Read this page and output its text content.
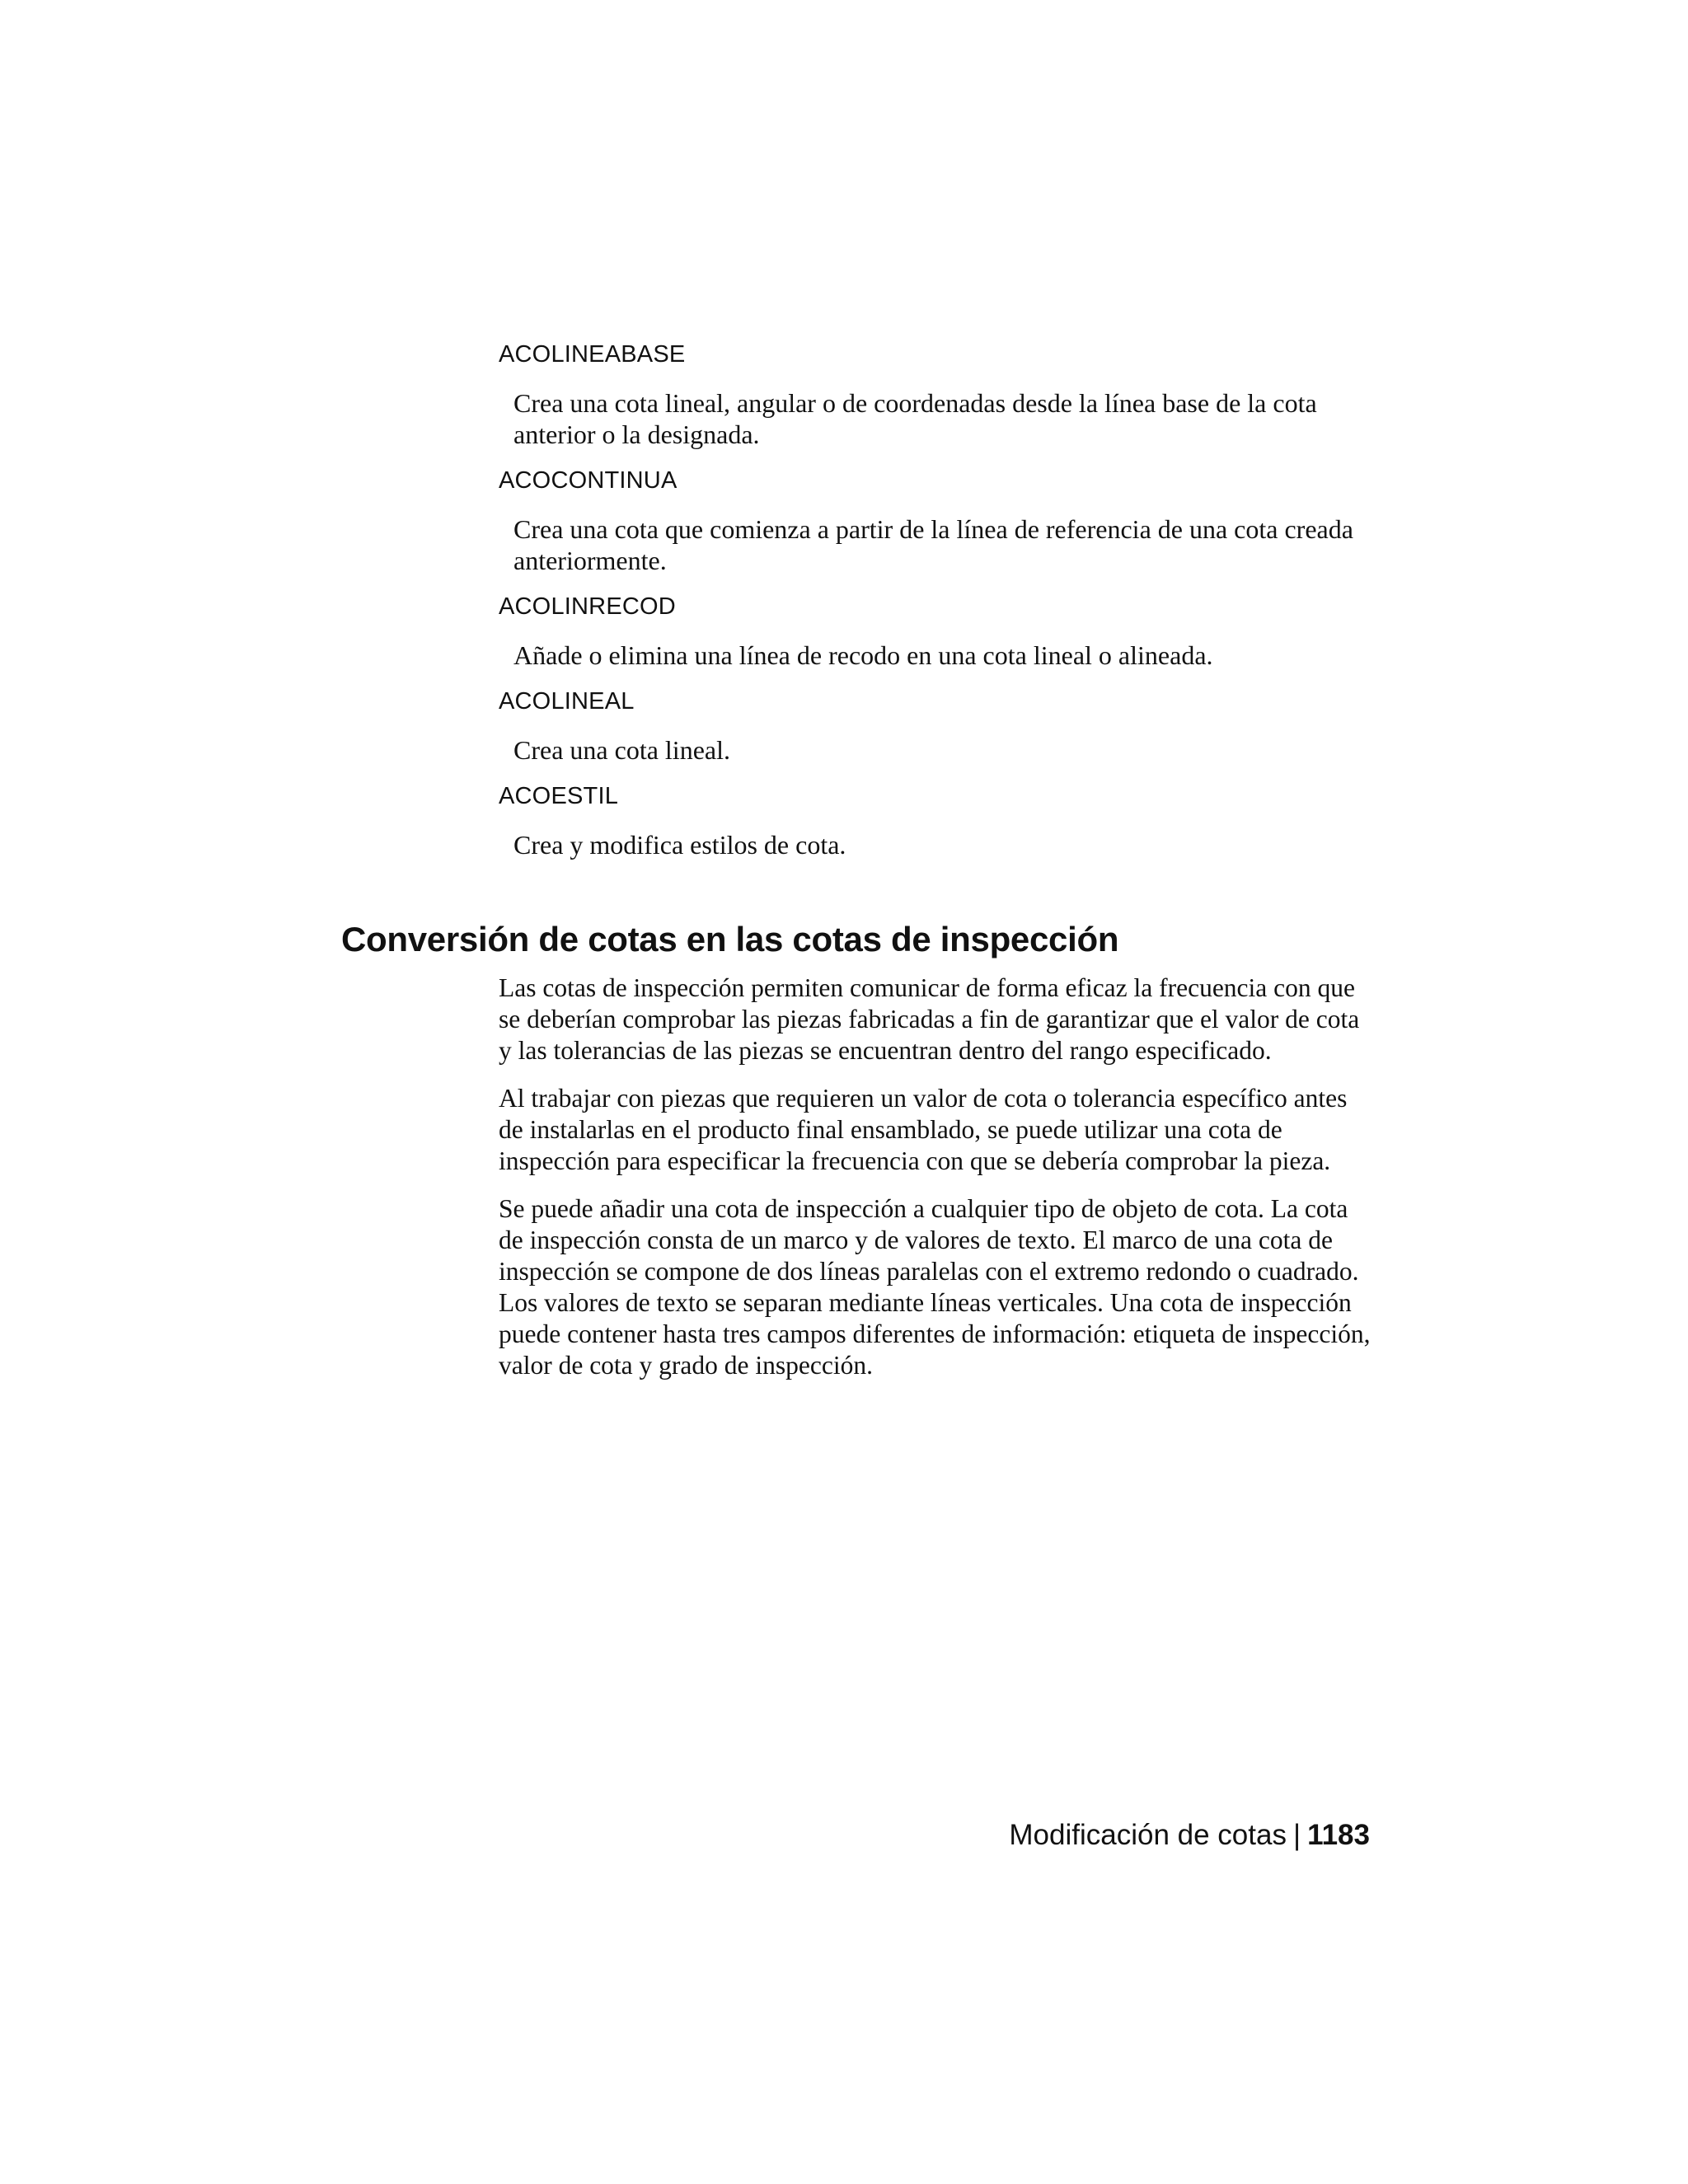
ACOLINEABASE
Crea una cota lineal, angular o de coordenadas desde la línea base de la cota anterior o la designada.
ACOCONTINUA
Crea una cota que comienza a partir de la línea de referencia de una cota creada anteriormente.
ACOLINRECOD
Añade o elimina una línea de recodo en una cota lineal o alineada.
ACOLINEAL
Crea una cota lineal.
ACOESTIL
Crea y modifica estilos de cota.
Conversión de cotas en las cotas de inspección

Las cotas de inspección permiten comunicar de forma eficaz la frecuencia con que se deberían comprobar las piezas fabricadas a fin de garantizar que el valor de cota y las tolerancias de las piezas se encuentran dentro del rango especificado.

Al trabajar con piezas que requieren un valor de cota o tolerancia específico antes de instalarlas en el producto final ensamblado, se puede utilizar una cota de inspección para especificar la frecuencia con que se debería comprobar la pieza.

Se puede añadir una cota de inspección a cualquier tipo de objeto de cota. La cota de inspección consta de un marco y de valores de texto. El marco de una cota de inspección se compone de dos líneas paralelas con el extremo redondo o cuadrado. Los valores de texto se separan mediante líneas verticales. Una cota de inspección puede contener hasta tres campos diferentes de información: etiqueta de inspección, valor de cota y grado de inspección.

Modificación de cotas | 1183
